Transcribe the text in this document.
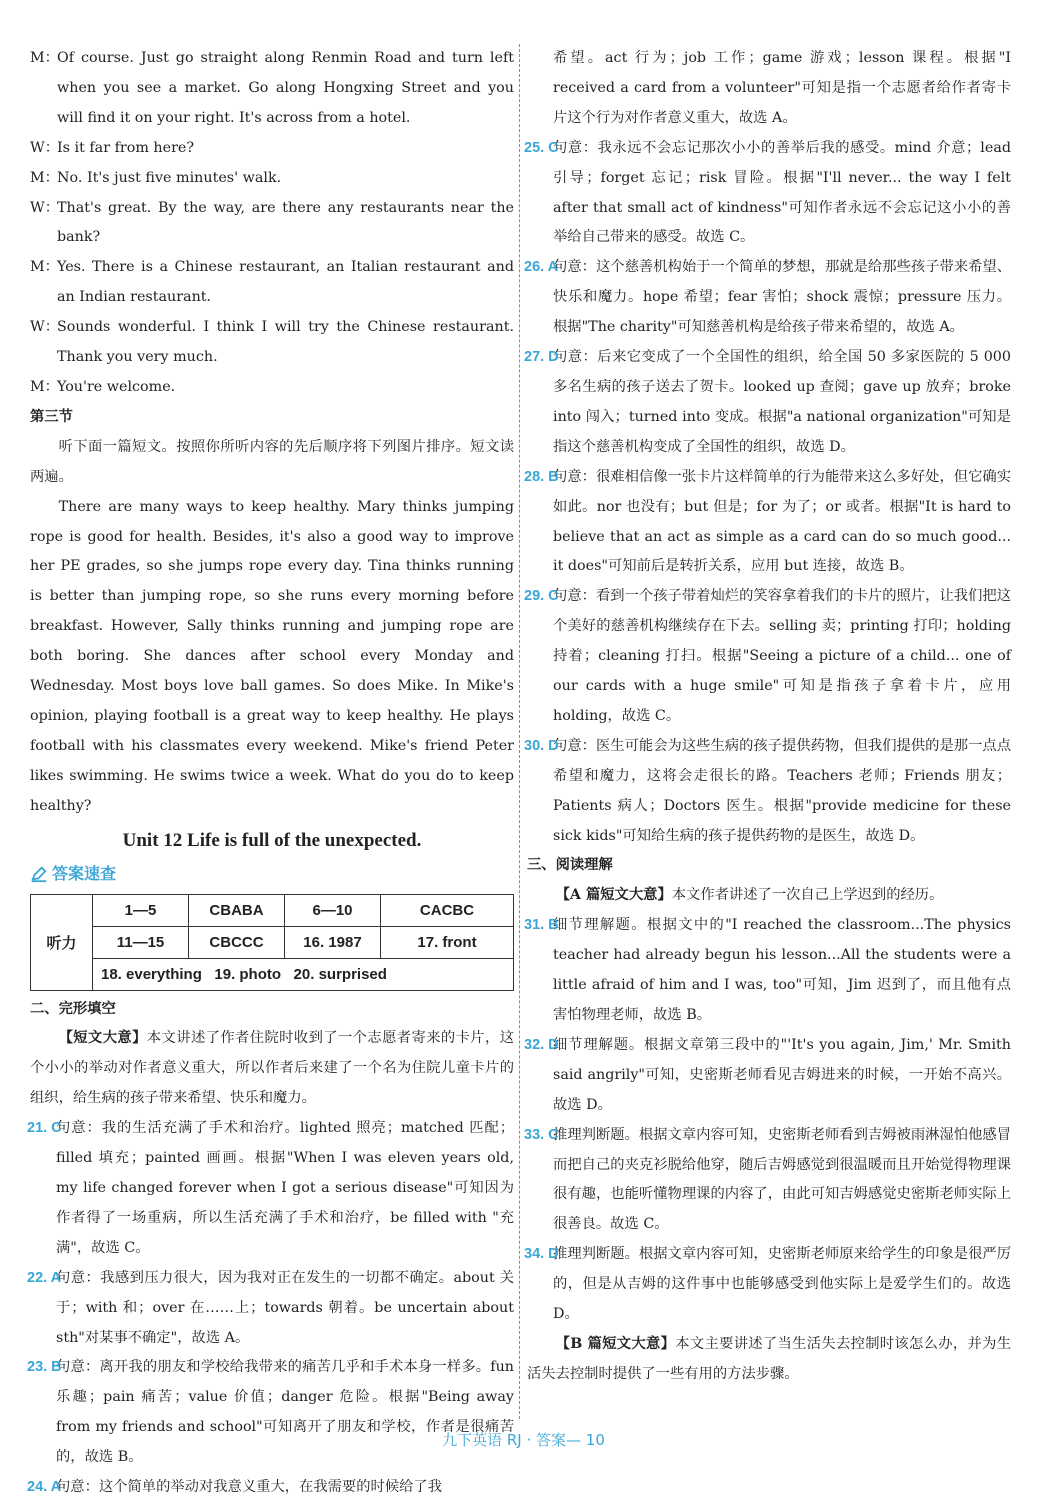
M：
Of course. Just go straight along Renmin Road and turn left when you see a market. Go along Hongxing Street and you will find it on your right. It's across from a hotel.

W：
Is it far from here?

M：
No. It's just five minutes' walk.

W：
That's great. By the way, are there any restaurants near the bank?

M：
Yes. There is a Chinese restaurant, an Italian restaurant and an Indian restaurant.

W：
Sounds wonderful. I think I will try the Chinese restaurant. Thank you very much.

M：
You're welcome.

第三节

听下面一篇短文。按照你所听内容的先后顺序将下列图片排序。短文读两遍。

There are many ways to keep healthy. Mary thinks jumping rope is good for health. Besides, it's also a good way to improve her PE grades, so she jumps rope every day. Tina thinks running is better than jumping rope, so she runs every morning before breakfast. However, Sally thinks running and jumping rope are both boring. She dances after school every Monday and Wednesday. Most boys love ball games. So does Mike. In Mike's opinion, playing football is a great way to keep healthy. He plays football with his classmates every weekend. Mike's friend Peter likes swimming. He swims twice a week. What do you do to keep healthy?

Unit 12 Life is full of the unexpected.
答案速查
听力	1—5	CBABA	6—10	CACBC
	11—15	CBCCC	16. 1987	17. front
	18. everything   19. photo   20. surprised			
二、完形填空

【短文大意】本文讲述了作者住院时收到了一个志愿者寄来的卡片，这个小小的举动对作者意义重大，所以作者后来建了一个名为住院儿童卡片的组织，给生病的孩子带来希望、快乐和魔力。

21. C
句意：我的生活充满了手术和治疗。lighted 照亮；matched 匹配；filled 填充；painted 画画。根据"When I was eleven years old, my life changed forever when I got a serious disease"可知因为作者得了一场重病，所以生活充满了手术和治疗，be filled with "充满"，故选 C。

22. A
句意：我感到压力很大，因为我对正在发生的一切都不确定。about 关于；with 和；over 在……上；towards 朝着。be uncertain about sth"对某事不确定"，故选 A。

23. B
句意：离开我的朋友和学校给我带来的痛苦几乎和手术本身一样多。fun 乐趣；pain 痛苦；value 价值；danger 危险。根据"Being away from my friends and school"可知离开了朋友和学校，作者是很痛苦的，故选 B。

24. A
句意：这个简单的举动对我意义重大，在我需要的时候给了我

希望。act 行为；job 工作；game 游戏；lesson 课程。根据"I received a card from a volunteer"可知是指一个志愿者给作者寄卡片这个行为对作者意义重大，故选 A。

25. C
句意：我永远不会忘记那次小小的善举后我的感受。mind 介意；lead 引导；forget 忘记；risk 冒险。根据"I'll never... the way I felt after that small act of kindness"可知作者永远不会忘记这小小的善举给自己带来的感受。故选 C。

26. A
句意：这个慈善机构始于一个简单的梦想，那就是给那些孩子带来希望、快乐和魔力。hope 希望；fear 害怕；shock 震惊；pressure 压力。根据"The charity"可知慈善机构是给孩子带来希望的，故选 A。

27. D
句意：后来它变成了一个全国性的组织，给全国 50 多家医院的 5 000 多名生病的孩子送去了贺卡。looked up 查阅；gave up 放弃；broke into 闯入；turned into 变成。根据"a national organization"可知是指这个慈善机构变成了全国性的组织，故选 D。

28. B
句意：很难相信像一张卡片这样简单的行为能带来这么多好处，但它确实如此。nor 也没有；but 但是；for 为了；or 或者。根据"It is hard to believe that an act as simple as a card can do so much good... it does"可知前后是转折关系，应用 but 连接，故选 B。

29. C
句意：看到一个孩子带着灿烂的笑容拿着我们的卡片的照片，让我们把这个美好的慈善机构继续存在下去。selling 卖；printing 打印；holding 持着；cleaning 打扫。根据"Seeing a picture of a child... one of our cards with a huge smile"可知是指孩子拿着卡片，应用 holding，故选 C。

30. D
句意：医生可能会为这些生病的孩子提供药物，但我们提供的是那一点点希望和魔力，这将会走很长的路。Teachers 老师；Friends 朋友；Patients 病人；Doctors 医生。根据"provide medicine for these sick kids"可知给生病的孩子提供药物的是医生，故选 D。

三、阅读理解

【A 篇短文大意】本文作者讲述了一次自己上学迟到的经历。

31. B
细节理解题。根据文中的"I reached the classroom...The physics teacher had already begun his lesson...All the students were a little afraid of him and I was, too"可知，Jim 迟到了，而且他有点害怕物理老师，故选 B。

32. D
细节理解题。根据文章第三段中的"'It's you again, Jim,' Mr. Smith said angrily"可知，史密斯老师看见吉姆进来的时候，一开始不高兴。故选 D。

33. C
推理判断题。根据文章内容可知，史密斯老师看到吉姆被雨淋湿怕他感冒而把自己的夹克衫脱给他穿，随后吉姆感觉到很温暖而且开始觉得物理课很有趣，也能听懂物理课的内容了，由此可知吉姆感觉史密斯老师实际上很善良。故选 C。

34. D
推理判断题。根据文章内容可知，史密斯老师原来给学生的印象是很严厉的，但是从吉姆的这件事中也能够感受到他实际上是爱学生们的。故选 D。

【B 篇短文大意】本文主要讲述了当生活失去控制时该怎么办，并为生活失去控制时提供了一些有用的方法步骤。

九下英语 RJ · 答案— 10
